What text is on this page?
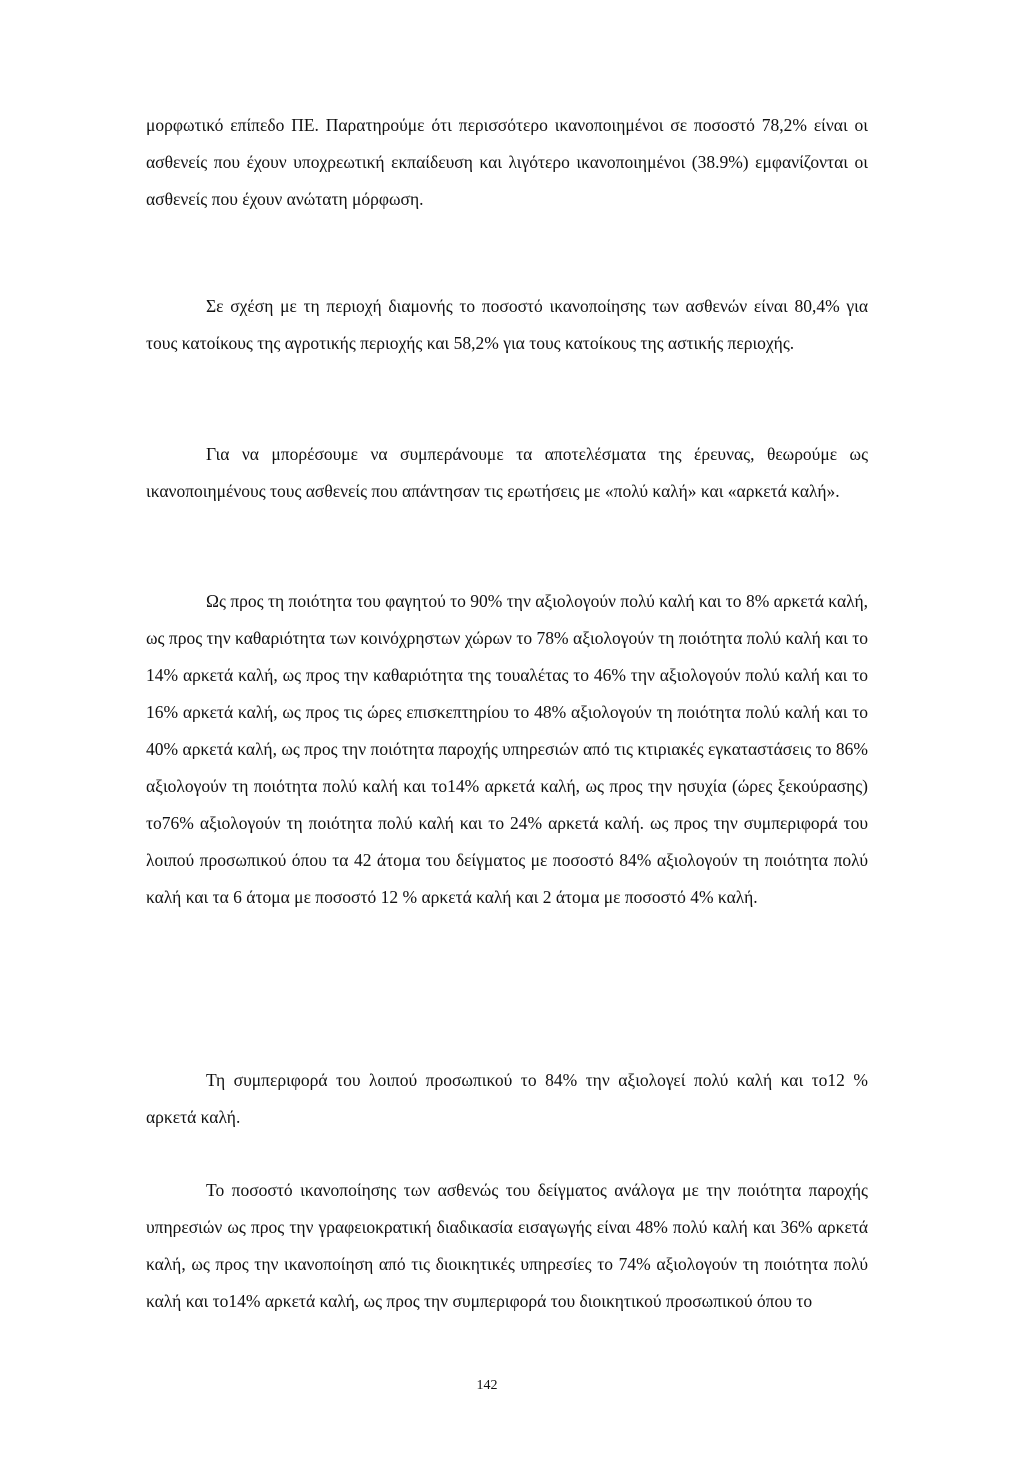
μορφωτικό επίπεδο ΠΕ. Παρατηρούμε ότι περισσότερο ικανοποιημένοι σε ποσοστό 78,2% είναι οι ασθενείς που έχουν υποχρεωτική εκπαίδευση και λιγότερο ικανοποιημένοι (38.9%) εμφανίζονται οι ασθενείς που έχουν ανώτατη μόρφωση.

Σε σχέση με τη περιοχή διαμονής το ποσοστό ικανοποίησης των ασθενών είναι 80,4% για τους κατοίκους της αγροτικής περιοχής και 58,2% για τους κατοίκους της αστικής περιοχής.

Για να μπορέσουμε να συμπεράνουμε τα αποτελέσματα της έρευνας, θεωρούμε ως ικανοποιημένους τους ασθενείς που απάντησαν τις ερωτήσεις με «πολύ καλή» και «αρκετά καλή».

Ως προς τη ποιότητα του φαγητού το 90% την αξιολογούν πολύ καλή και το 8% αρκετά καλή, ως προς την καθαριότητα των κοινόχρηστων χώρων το 78% αξιολογούν τη ποιότητα πολύ καλή και το 14% αρκετά καλή, ως προς την καθαριότητα της τουαλέτας το 46% την αξιολογούν πολύ καλή και το 16% αρκετά καλή, ως προς τις ώρες επισκεπτηρίου το 48% αξιολογούν τη ποιότητα πολύ καλή και το 40% αρκετά καλή, ως προς την ποιότητα παροχής υπηρεσιών από τις κτιριακές εγκαταστάσεις το 86% αξιολογούν τη ποιότητα πολύ καλή και το14% αρκετά καλή, ως προς την ησυχία (ώρες ξεκούρασης) το76% αξιολογούν τη ποιότητα πολύ καλή και το 24% αρκετά καλή. ως προς την συμπεριφορά του λοιπού προσωπικού όπου τα 42 άτομα του δείγματος με ποσοστό 84% αξιολογούν τη ποιότητα πολύ καλή και τα 6 άτομα με ποσοστό 12 % αρκετά καλή και 2 άτομα με ποσοστό 4% καλή.

Τη συμπεριφορά του λοιπού προσωπικού το 84% την αξιολογεί πολύ καλή και το12 % αρκετά καλή.

Το ποσοστό ικανοποίησης των ασθενώς του δείγματος ανάλογα με την ποιότητα παροχής υπηρεσιών ως προς την γραφειοκρατική διαδικασία εισαγωγής είναι 48% πολύ καλή και 36% αρκετά καλή, ως προς την ικανοποίηση από τις διοικητικές υπηρεσίες το 74% αξιολογούν τη ποιότητα πολύ καλή και το14% αρκετά καλή, ως προς την συμπεριφορά του διοικητικού προσωπικού όπου το

142
